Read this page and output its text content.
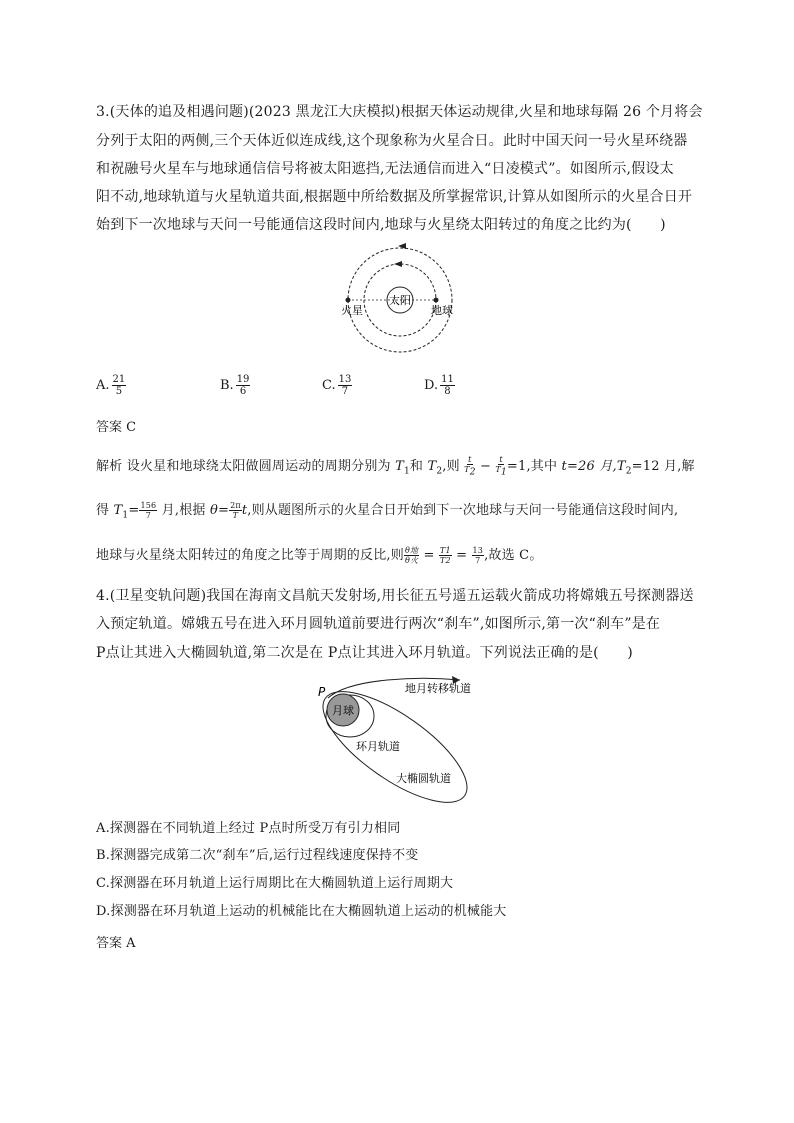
3.(天体的追及相遇问题)(2023 黑龙江大庆模拟)根据天体运动规律,火星和地球每隔 26 个月将会
分列于太阳的两侧,三个天体近似连成线,这个现象称为火星合日。此时中国天问一号火星环绕器
和祝融号火星车与地球通信信号将被太阳遮挡,无法通信而进入“日凌模式”。如图所示,假设太
阳不动,地球轨道与火星轨道共面,根据题中所给数据及所掌握常识,计算从如图所示的火星合日开
始到下一次地球与天问一号能通信这段时间内,地球与火星绕太阳转过的角度之比约为(　　)
太阳
火星	地球
A. $\frac{21}{5}$	B. $\frac{19}{6}$	C. $\frac{13}{7}$	D. $\frac{11}{8}$
答案 C
解析 设火星和地球绕太阳做圆周运动的周期分别为 $T_1$和 $T_2$,则 $\frac{t}{T_2} - \frac{t}{T_1} =1$,其中 t=26 月$,T_2=12$ 月,解
得 $T_1= \frac{156}{7}$ 月,根据 $\theta= \frac{2\pi}{T} t$,则从题图所示的火星合日开始到下一次地球与天问一号能通信这段时间内,
地球与火星绕太阳转过的角度之比等于周期的反比,则 $\frac{\text{θ地}}{\text{θ火}} = \frac{T1}{T2} = \frac{13}{7}$ ,故选 C。
4.(卫星变轨问题)我国在海南文昌航天发射场,用长征五号遥五运载火箭成功将嫦娥五号探测器送
入预定轨道。嫦娥五号在进入环月圆轨道前要进行两次“刹车”,如图所示,第一次“刹车”是在
P点让其进入大椭圆轨道,第二次是在 P点让其进入环月轨道。下列说法正确的是(　　)
P
月球
地月转移轨道
环月轨道
大椭圆轨道
A.探测器在不同轨道上经过 P点时所受万有引力相同
B.探测器完成第二次“刹车”后,运行过程线速度保持不变
C.探测器在环月轨道上运行周期比在大椭圆轨道上运行周期大
D.探测器在环月轨道上运动的机械能比在大椭圆轨道上运动的机械能大
答案 A
